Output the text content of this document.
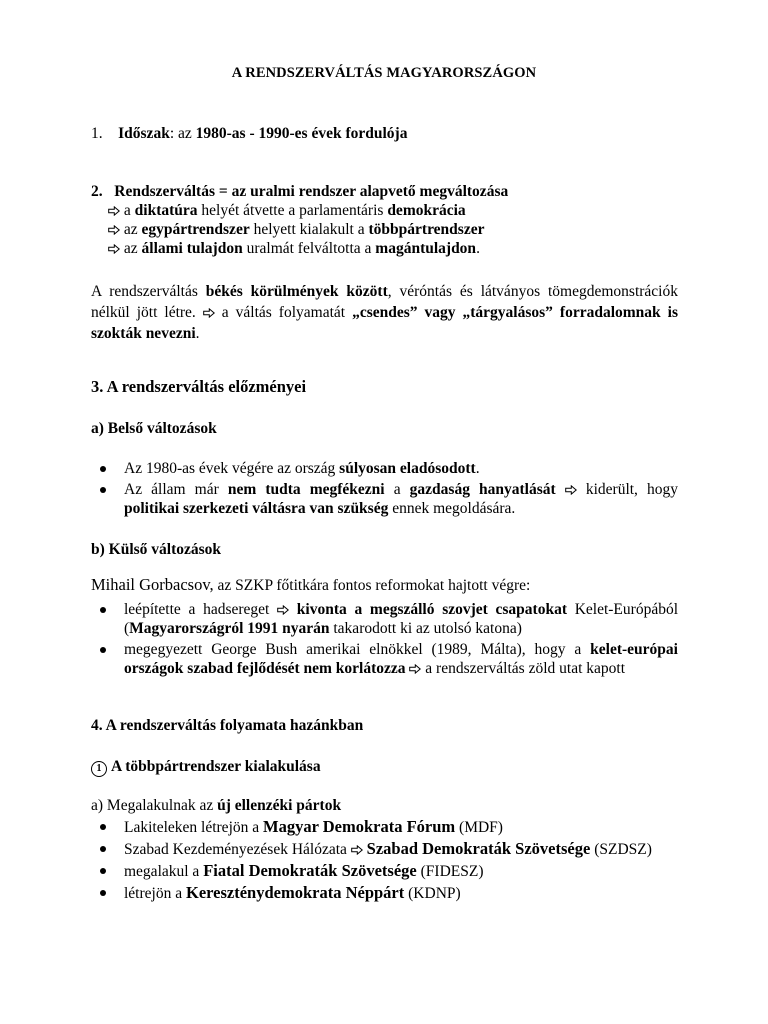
A RENDSZERVÁLTÁS MAGYARORSZÁGON
1. Időszak: az 1980-as - 1990-es évek fordulója
2.   Rendszerváltás = az uralmi rendszer alapvető megváltozása
a diktatúra helyét átvette a parlamentáris demokrácia
az egypártrendszer helyett kialakult a többpártrendszer
az állami tulajdon uralmát felváltotta a magántulajdon.
A rendszerváltás békés körülmények között, véróntás és látványos tömegdemonstrációk nélkül jött létre.  a váltás folyamatát „csendes” vagy „tárgyalásos” forradalomnak is szokták nevezni.
3. A rendszerváltás előzményei
a) Belső változások
Az 1980-as évek végére az ország súlyosan eladósodott.
Az állam már nem tudta megfékezni a gazdaság hanyatlását  kiderült, hogy politikai szerkezeti váltásra van szükség ennek megoldására.
b) Külső változások
Mihail Gorbacsov, az SZKP főtitkára fontos reformokat hajtott végre:
leépítette a hadsereget  kivonta a megszálló szovjet csapatokat Kelet-Európából (Magyarországról 1991 nyarán takarodott ki az utolsó katona)
megegyezett George Bush amerikai elnökkel (1989, Málta), hogy a kelet-európai országok szabad fejlődését nem korlátozza  a rendszerváltás zöld utat kapott
4. A rendszerváltás folyamata hazánkban
1 A többpártrendszer kialakulása
a) Megalakulnak az új ellenzéki pártok
Lakiteleken létrejön a Magyar Demokrata Fórum (MDF)
Szabad Kezdeményezések Hálózata  Szabad Demokraták Szövetsége (SZDSZ)
megalakul a Fiatal Demokraták Szövetsége (FIDESZ)
létrejön a Kereszténydemokrata Néppárt (KDNP)
